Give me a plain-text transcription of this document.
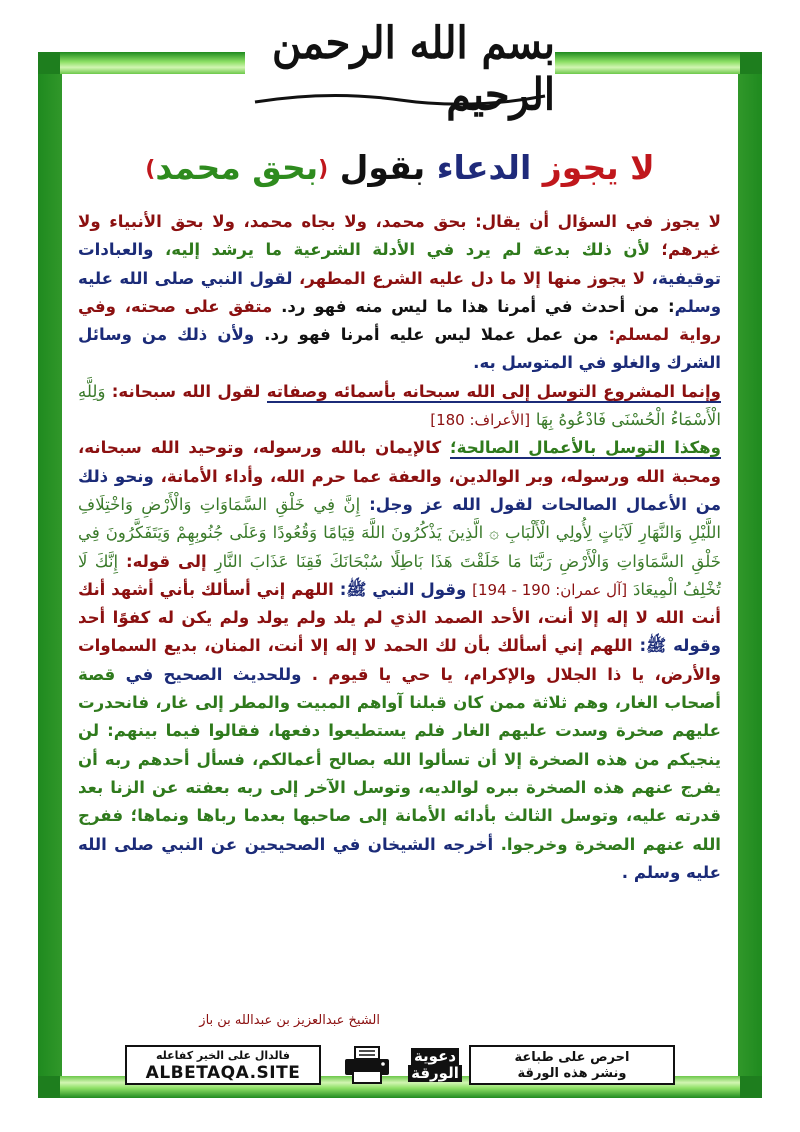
بسم الله الرحمن الرحيم
لا يجوز الدعاء بقول (بحق محمد)

لا يجوز في السؤال أن يقال: بحق محمد، ولا بجاه محمد، ولا بحق الأنبياء ولا غيرهم؛ لأن ذلك بدعة لم يرد في الأدلة الشرعية ما يرشد إليه، والعبادات توقيفية، لا يجوز منها إلا ما دل عليه الشرع المطهر، لقول النبي صلى الله عليه وسلم: من أحدث في أمرنا هذا ما ليس منه فهو رد. متفق على صحته، وفي رواية لمسلم: من عمل عملا ليس عليه أمرنا فهو رد. ولأن ذلك من وسائل الشرك والغلو في المتوسل به.

وإنما المشروع التوسل إلى الله سبحانه بأسمائه وصفاته لقول الله سبحانه: وَلِلَّهِ الْأَسْمَاءُ الْحُسْنَى فَادْعُوهُ بِهَا [الأعراف: 180]

وهكذا التوسل بالأعمال الصالحة؛ كالإيمان بالله ورسوله، وتوحيد الله سبحانه، ومحبة الله ورسوله، وبر الوالدين، والعفة عما حرم الله، وأداء الأمانة، ونحو ذلك من الأعمال الصالحات لقول الله عز وجل: إِنَّ فِي خَلْقِ السَّمَاوَاتِ وَالْأَرْضِ وَاخْتِلَافِ اللَّيْلِ وَالنَّهَارِ لَآيَاتٍ لِأُولِي الْأَلْبَابِ ۞ الَّذِينَ يَذْكُرُونَ اللَّهَ قِيَامًا وَقُعُودًا وَعَلَى جُنُوبِهِمْ وَيَتَفَكَّرُونَ فِي خَلْقِ السَّمَاوَاتِ وَالْأَرْضِ رَبَّنَا مَا خَلَقْتَ هَذَا بَاطِلًا سُبْحَانَكَ فَقِنَا عَذَابَ النَّارِ إلى قوله: إِنَّكَ لَا تُخْلِفُ الْمِيعَادَ [آل عمران: 190 - 194] وقول النبي ﷺ: اللهم إني أسألك بأني أشهد أنك أنت الله لا إله إلا أنت، الأحد الصمد الذي لم يلد ولم يولد ولم يكن له كفوًا أحد وقوله ﷺ: اللهم إني أسألك بأن لك الحمد لا إله إلا أنت، المنان، بديع السماوات والأرض، يا ذا الجلال والإكرام، يا حي يا قيوم . وللحديث الصحيح في قصة أصحاب الغار، وهم ثلاثة ممن كان قبلنا آواهم المبيت والمطر إلى غار، فانحدرت عليهم صخرة وسدت عليهم الغار فلم يستطيعوا دفعها، فقالوا فيما بينهم: لن ينجيكم من هذه الصخرة إلا أن تسألوا الله بصالح أعمالكم، فسأل أحدهم ربه أن يفرج عنهم هذه الصخرة ببره لوالديه، وتوسل الآخر إلى ربه بعفته عن الزنا بعد قدرته عليه، وتوسل الثالث بأدائه الأمانة إلى صاحبها بعدما رباها ونماها؛ ففرج الله عنهم الصخرة وخرجوا. أخرجه الشيخان في الصحيحين عن النبي صلى الله عليه وسلم .

الشيخ عبدالعزيز بن عبدالله بن باز
احرص على طباعة
ونشر هذه الورقة
دعوية
الورقة
فالدال على الخير كفاعله
ALBETAQA.SITE
